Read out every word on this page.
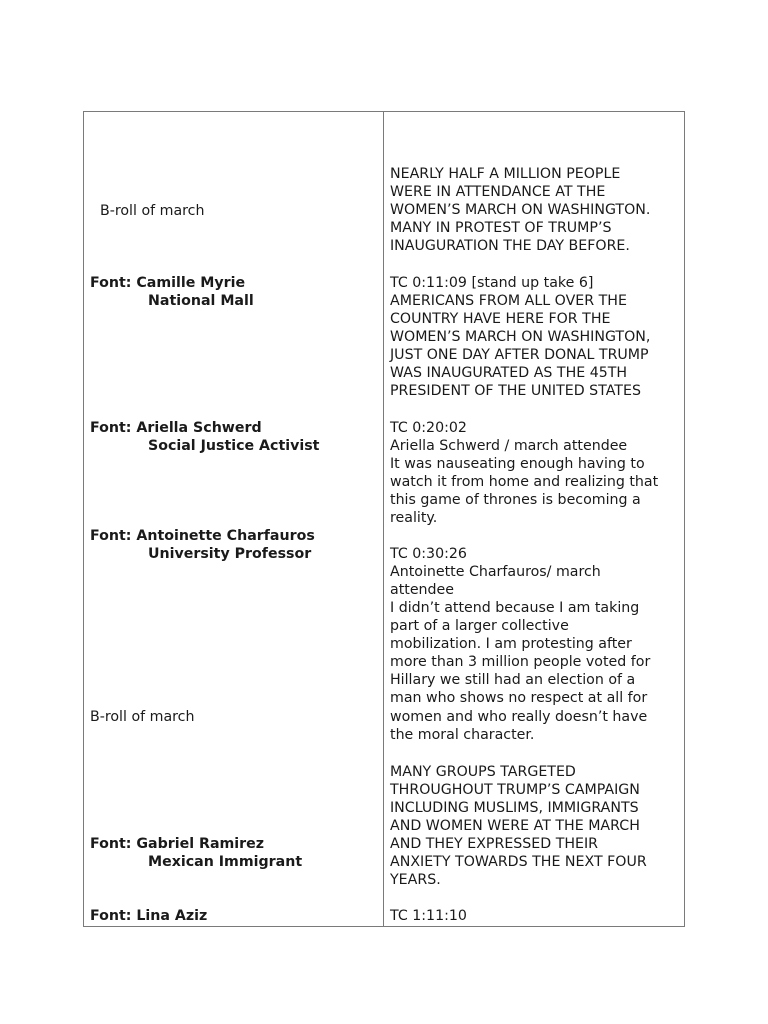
B-roll of march

Font: Camille Myrie

National Mall

Font: Ariella Schwerd

Social Justice Activist

Font: Antoinette Charfauros

University Professor

B-roll of march

Font: Gabriel Ramirez

Mexican Immigrant

Font: Lina Aziz

NEARLY HALF A MILLION PEOPLE

WERE IN ATTENDANCE AT THE

WOMEN’S MARCH ON WASHINGTON.

MANY IN PROTEST OF TRUMP’S

INAUGURATION THE DAY BEFORE.

TC 0:11:09 [stand up take 6]

AMERICANS FROM ALL OVER THE

COUNTRY HAVE HERE FOR THE

WOMEN’S MARCH ON WASHINGTON,

JUST ONE DAY AFTER DONAL TRUMP

WAS INAUGURATED AS THE 45TH

PRESIDENT OF THE UNITED STATES

TC 0:20:02

Ariella Schwerd / march attendee

It was nauseating enough having to

watch it from home and realizing that

this game of thrones is becoming a

reality.

TC 0:30:26

Antoinette Charfauros/ march

attendee

I didn’t attend because I am taking

part of a larger collective

mobilization. I am protesting after

more than 3 million people voted for

Hillary we still had an election of a

man who shows no respect at all for

women and who really doesn’t have

the moral character.

MANY GROUPS TARGETED

THROUGHOUT TRUMP’S CAMPAIGN

INCLUDING MUSLIMS, IMMIGRANTS

AND WOMEN WERE AT THE MARCH

AND THEY EXPRESSED THEIR

ANXIETY TOWARDS THE NEXT FOUR

YEARS.

TC 1:11:10
